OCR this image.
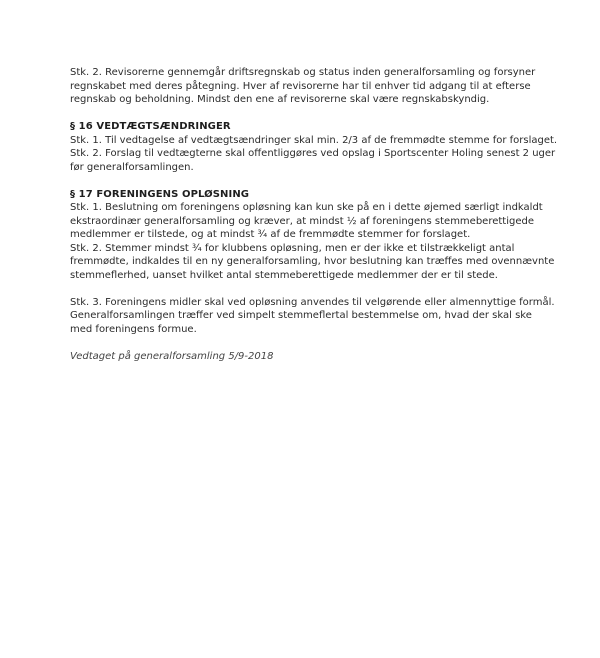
Stk. 2. Revisorerne gennemgår driftsregnskab og status inden generalforsamling og forsyner
regnskabet med deres påtegning. Hver af revisorerne har til enhver tid adgang til at efterse
regnskab og beholdning. Mindst den ene af revisorerne skal være regnskabskyndig.

§ 16 VEDTÆGTSÆNDRINGER
Stk. 1. Til vedtagelse af vedtægtsændringer skal min. 2/3 af de fremmødte stemme for forslaget.
Stk. 2. Forslag til vedtægterne skal offentliggøres ved opslag i Sportscenter Holing senest 2 uger
før generalforsamlingen.

§ 17 FORENINGENS OPLØSNING
Stk. 1. Beslutning om foreningens opløsning kan kun ske på en i dette øjemed særligt indkaldt
ekstraordinær generalforsamling og kræver, at mindst ½ af foreningens stemmeberettigede
medlemmer er tilstede, og at mindst ¾ af de fremmødte stemmer for forslaget.
Stk. 2. Stemmer mindst ¾ for klubbens opløsning, men er der ikke et tilstrækkeligt antal
fremmødte, indkaldes til en ny generalforsamling, hvor beslutning kan træffes med ovennævnte
stemmeflerhed, uanset hvilket antal stemmeberettigede medlemmer der er til stede.

Stk. 3. Foreningens midler skal ved opløsning anvendes til velgørende eller almennyttige formål.
Generalforsamlingen træffer ved simpelt stemmeflertal bestemmelse om, hvad der skal ske
med foreningens formue.

Vedtaget på generalforsamling 5/9-2018
